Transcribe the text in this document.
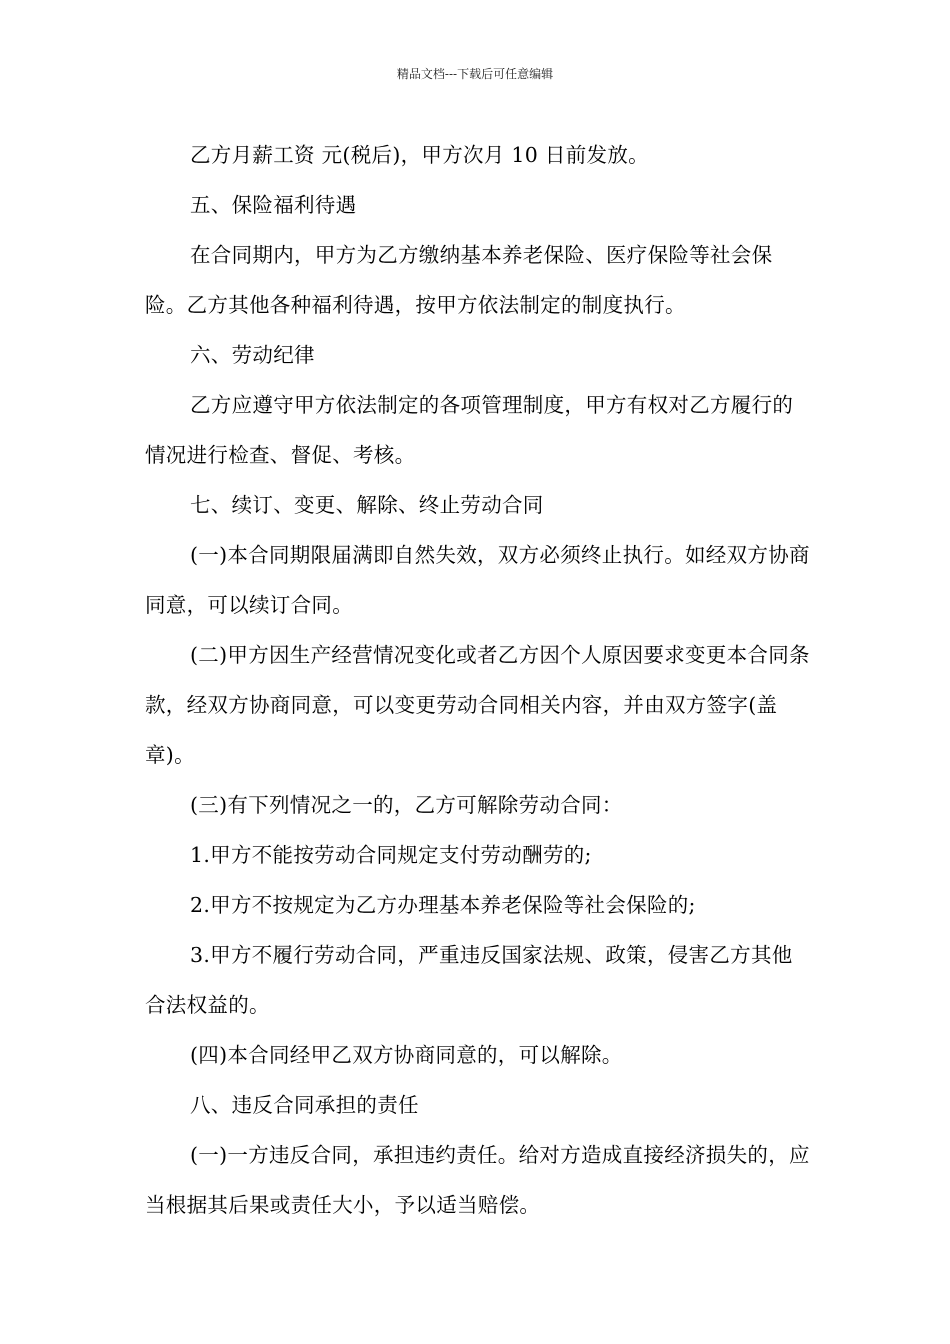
精品文档---下载后可任意编辑

乙方月薪工资 元(税后)，甲方次月 10 日前发放。

五、保险福利待遇

在合同期内，甲方为乙方缴纳基本养老保险、医疗保险等社会保险。乙方其他各种福利待遇，按甲方依法制定的制度执行。

六、劳动纪律

乙方应遵守甲方依法制定的各项管理制度，甲方有权对乙方履行的情况进行检查、督促、考核。

七、续订、变更、解除、终止劳动合同

(一)本合同期限届满即自然失效，双方必须终止执行。如经双方协商同意，可以续订合同。

(二)甲方因生产经营情况变化或者乙方因个人原因要求变更本合同条款，经双方协商同意，可以变更劳动合同相关内容，并由双方签字(盖章)。

(三)有下列情况之一的，乙方可解除劳动合同：

1.甲方不能按劳动合同规定支付劳动酬劳的;

2.甲方不按规定为乙方办理基本养老保险等社会保险的;

3.甲方不履行劳动合同，严重违反国家法规、政策，侵害乙方其他合法权益的。

(四)本合同经甲乙双方协商同意的，可以解除。

八、违反合同承担的责任

(一)一方违反合同，承担违约责任。给对方造成直接经济损失的，应当根据其后果或责任大小，予以适当赔偿。
